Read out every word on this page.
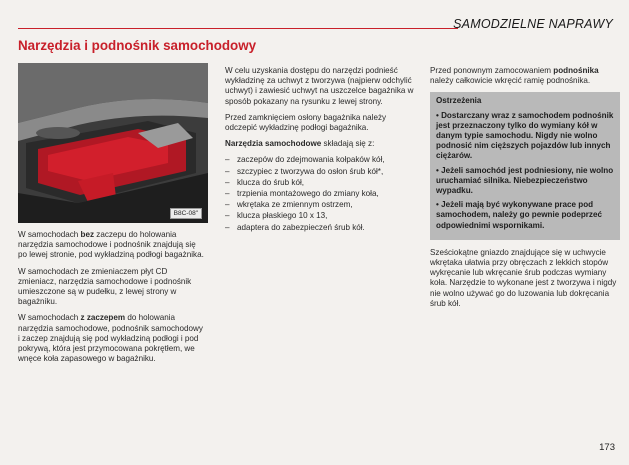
SAMODZIELNE NAPRAWY
Narzędzia i podnośnik samochodowy
B8C-08"

W samochodach bez zaczepu do holowania narzędzia samochodowe i podnośnik znajdują się po lewej stronie, pod wykładziną podłogi bagażnika.

W samochodach ze zmieniaczem płyt CD zmieniacz, narzędzia samochodowe i podnośnik umieszczone są w pudełku, z lewej strony w bagażniku.

W samochodach z zaczepem do holowania narzędzia samochodowe, podnośnik samochodowy i zaczep znajdują się pod wykładziną podłogi i pod pokrywą, która jest przymocowana pokrętłem, we wnęce koła zapasowego w bagażniku.

W celu uzyskania dostępu do narzędzi podnieść wykładzinę za uchwyt z tworzywa (najpierw odchylić uchwyt) i zawiesić uchwyt na uszczelce bagażnika w sposób pokazany na rysunku z lewej strony.

Przed zamknięciem osłony bagażnika należy odczepić wykładzinę podłogi bagażnika.

Narzędzia samochodowe składają się z:

– zaczepów do zdejmowania kołpaków kół,
– szczypiec z tworzywa do osłon śrub kół*,
– klucza do śrub kół,
– trzpienia montażowego do zmiany koła,
– wkrętaka ze zmiennym ostrzem,
– klucza płaskiego 10 x 13,
– adaptera do zabezpieczeń śrub kół.

Przed ponownym zamocowaniem podnośnika należy całkowicie wkręcić ramię podnośnika.

Ostrzeżenia

• Dostarczany wraz z samochodem podnośnik jest przeznaczony tylko do wymiany kół w danym typie samochodu. Nigdy nie wolno podnosić nim cięższych pojazdów lub innych ciężarów.

• Jeżeli samochód jest podniesiony, nie wolno uruchamiać silnika. Niebezpieczeństwo wypadku.

• Jeżeli mają być wykonywane prace pod samochodem, należy go pewnie podeprzeć odpowiednimi wspornikami.

Sześciokątne gniazdo znajdujące się w uchwycie wkrętaka ułatwia przy obręczach z lekkich stopów wykręcanie lub wkręcanie śrub podczas wymiany koła. Narzędzie to wykonane jest z tworzywa i nigdy nie wolno używać go do luzowania lub dokręcania śrub kół.

173
